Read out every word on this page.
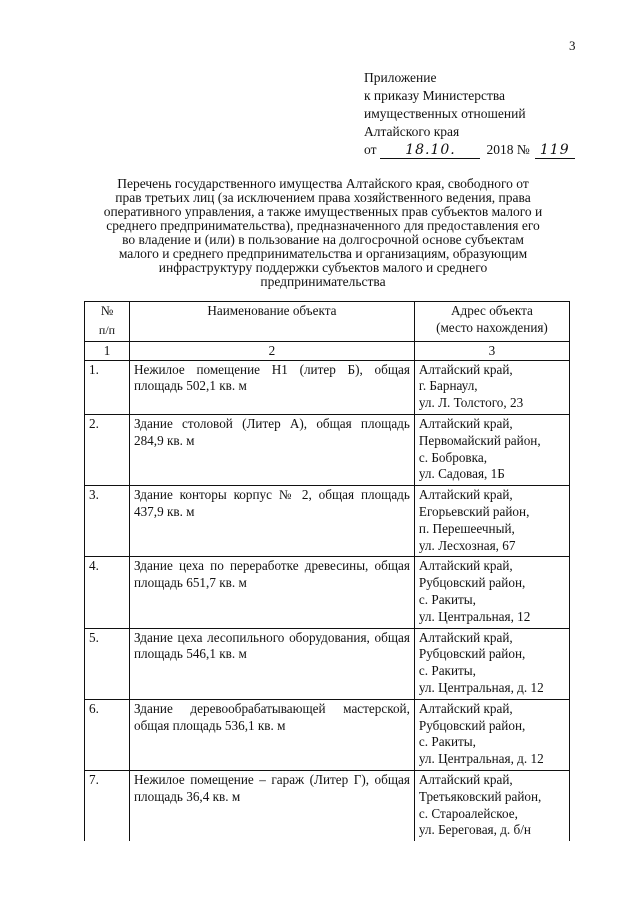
3
Приложение
к приказу Министерства
имущественных отношений
Алтайского края
от	18.10.	2018 № 119
Перечень государственного имущества Алтайского края, свободного от прав третьих лиц (за исключением права хозяйственного ведения, права оперативного управления, а также имущественных прав субъектов малого и среднего предпринимательства), предназначенного для предоставления его во владение и (или) в пользование на долгосрочной основе субъектам малого и среднего предпринимательства и организациям, образующим инфраструктуру поддержки субъектов малого и среднего предпринимательства
№
п/п	Наименование объекта	Адрес объекта
(место нахождения)

1	2	3
1.	Нежилое помещение Н1 (литер Б), общая площадь 502,1 кв. м	Алтайский край,
г. Барнаул,
ул. Л. Толстого, 23

2.	Здание столовой (Литер А), общая площадь 284,9 кв. м	Алтайский край,
Первомайский район,
с. Бобровка,
ул. Садовая, 1Б

3.	Здание конторы корпус № 2, общая площадь 437,9 кв. м	Алтайский край,
Егорьевский район,
п. Перешеечный,
ул. Лесхозная, 67

4.	Здание цеха по переработке древесины, общая площадь 651,7 кв. м	Алтайский край,
Рубцовский район,
с. Ракиты,
ул. Центральная, 12

5.	Здание цеха лесопильного оборудования, общая площадь 546,1 кв. м	Алтайский край,
Рубцовский район,
с. Ракиты,
ул. Центральная, д. 12

6.	Здание деревообрабатывающей мастерской, общая площадь 536,1 кв. м	Алтайский край,
Рубцовский район,
с. Ракиты,
ул. Центральная, д. 12

7.	Нежилое помещение – гараж (Литер Г), общая площадь 36,4 кв. м	Алтайский край,
Третьяковский район,
с. Староалейское,
ул. Береговая, д. б/н
